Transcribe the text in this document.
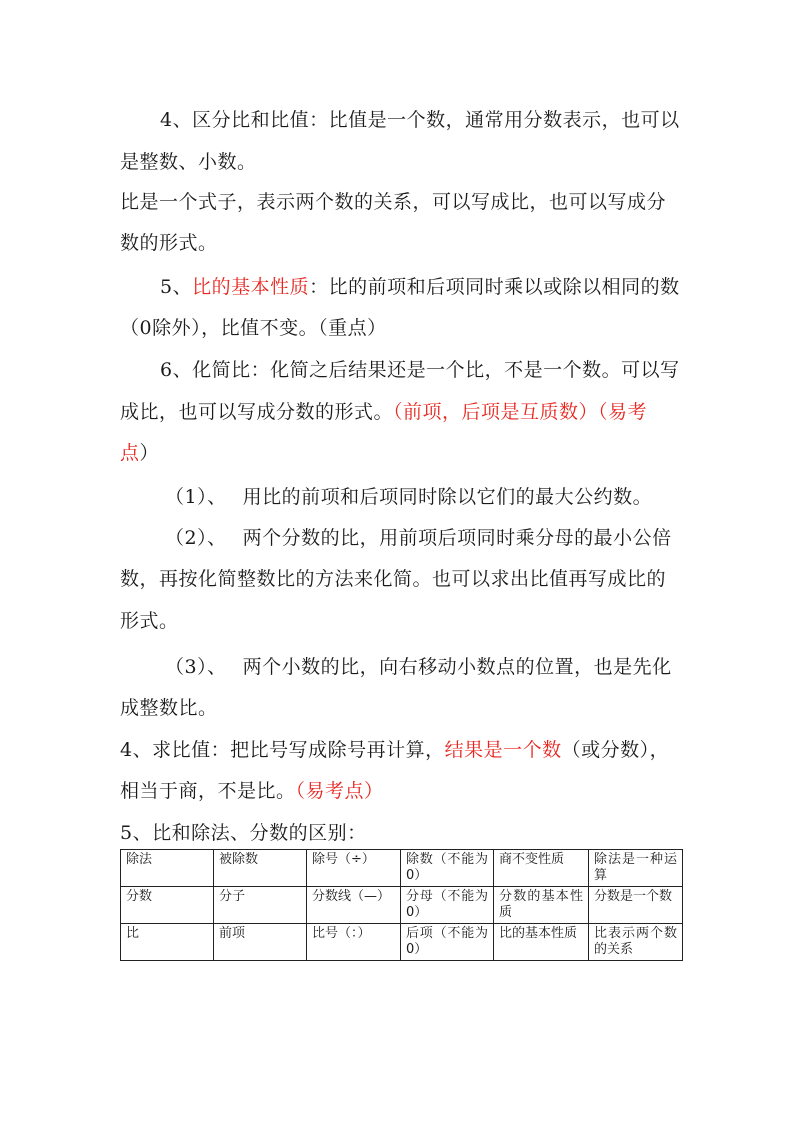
4、区分比和比值：比值是一个数，通常用分数表示，也可以
是整数、小数。
比是一个式子，表示两个数的关系，可以写成比，也可以写成分
数的形式。
5、比的基本性质：比的前项和后项同时乘以或除以相同的数
（0除外），比值不变。（重点）
6、化简比：化简之后结果还是一个比，不是一个数。可以写
成比，也可以写成分数的形式。（前项，后项是互质数）（易考
点）
（1）、 用比的前项和后项同时除以它们的最大公约数。
（2）、 两个分数的比，用前项后项同时乘分母的最小公倍
数，再按化简整数比的方法来化简。也可以求出比值再写成比的
形式。
（3）、 两个小数的比，向右移动小数点的位置，也是先化
成整数比。
4、求比值：把比号写成除号再计算，结果是一个数（或分数），
相当于商，不是比。（易考点）
5、比和除法、分数的区别：
除法	被除数	除号（÷）	除数（不能为0）	商不变性质	除法是一种运算
分数	分子	分数线（—）	分母（不能为0）	分数的基本性质	分数是一个数
比	前项	比号（：）	后项（不能为0）	比的基本性质	比表示两个数的关系
